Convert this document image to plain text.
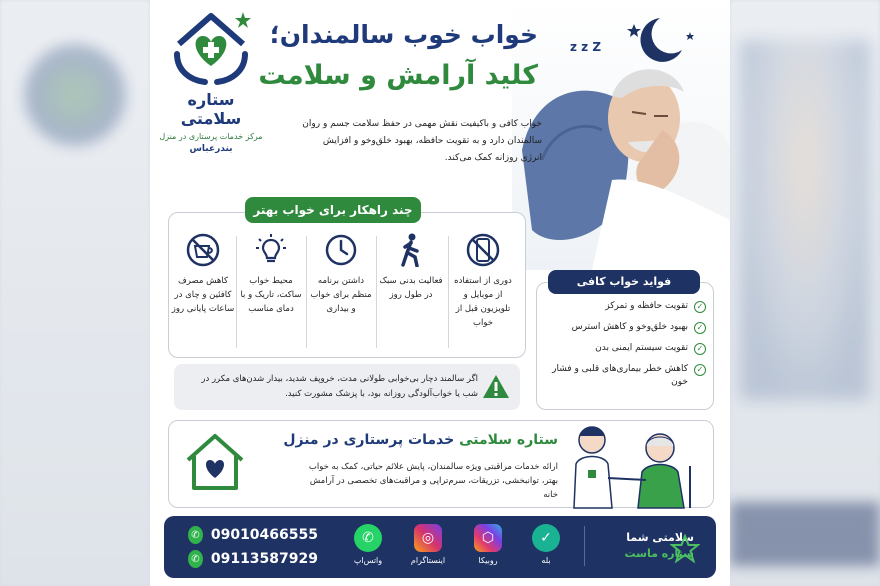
ستاره سلامتی
مرکز خدمات پرستاری در منزل
بندرعباس
z z Z
خواب خوب سالمندان؛
کلید آرامش و سلامت
خواب کافی و باکیفیت نقش مهمی در حفظ سلامت جسم و روان سالمندان دارد و به تقویت حافظه، بهبود خلق‌وخو و افزایش انرژی روزانه کمک می‌کند.
چند راهکار برای خواب بهتر
دوری از استفاده از موبایل و تلویزیون قبل از خواب
فعالیت بدنی سبک در طول روز
داشتن برنامه منظم برای خواب و بیداری
محیط خواب ساکت، تاریک و با دمای مناسب
کاهش مصرف کافئین و چای در ساعات پایانی روز
اگر سالمند دچار بی‌خوابی طولانی مدت، خروپف شدید، بیدار شدن‌های مکرر در شب یا خواب‌آلودگی روزانه بود، با پزشک مشورت کنید.
فواید خواب کافی
✓
تقویت حافظه و تمرکز
✓
بهبود خلق‌وخو و کاهش استرس
✓
تقویت سیستم ایمنی بدن
✓
کاهش خطر بیماری‌های قلبی و فشار خون
ستاره سلامتی خدمات پرستاری در منزل
ارائه خدمات مراقبتی ویژه سالمندان، پایش علائم حیاتی، کمک به خواب بهتر، توانبخشی، تزریقات، سرم‌تراپی و مراقبت‌های تخصصی در آرامش خانه
✆ 09010466555
✆ 09113587929
✆
واتس‌اپ
◎
اینستاگرام
⬡
روبیکا
✓
بله
سلامتی شما
ستاره ماست
